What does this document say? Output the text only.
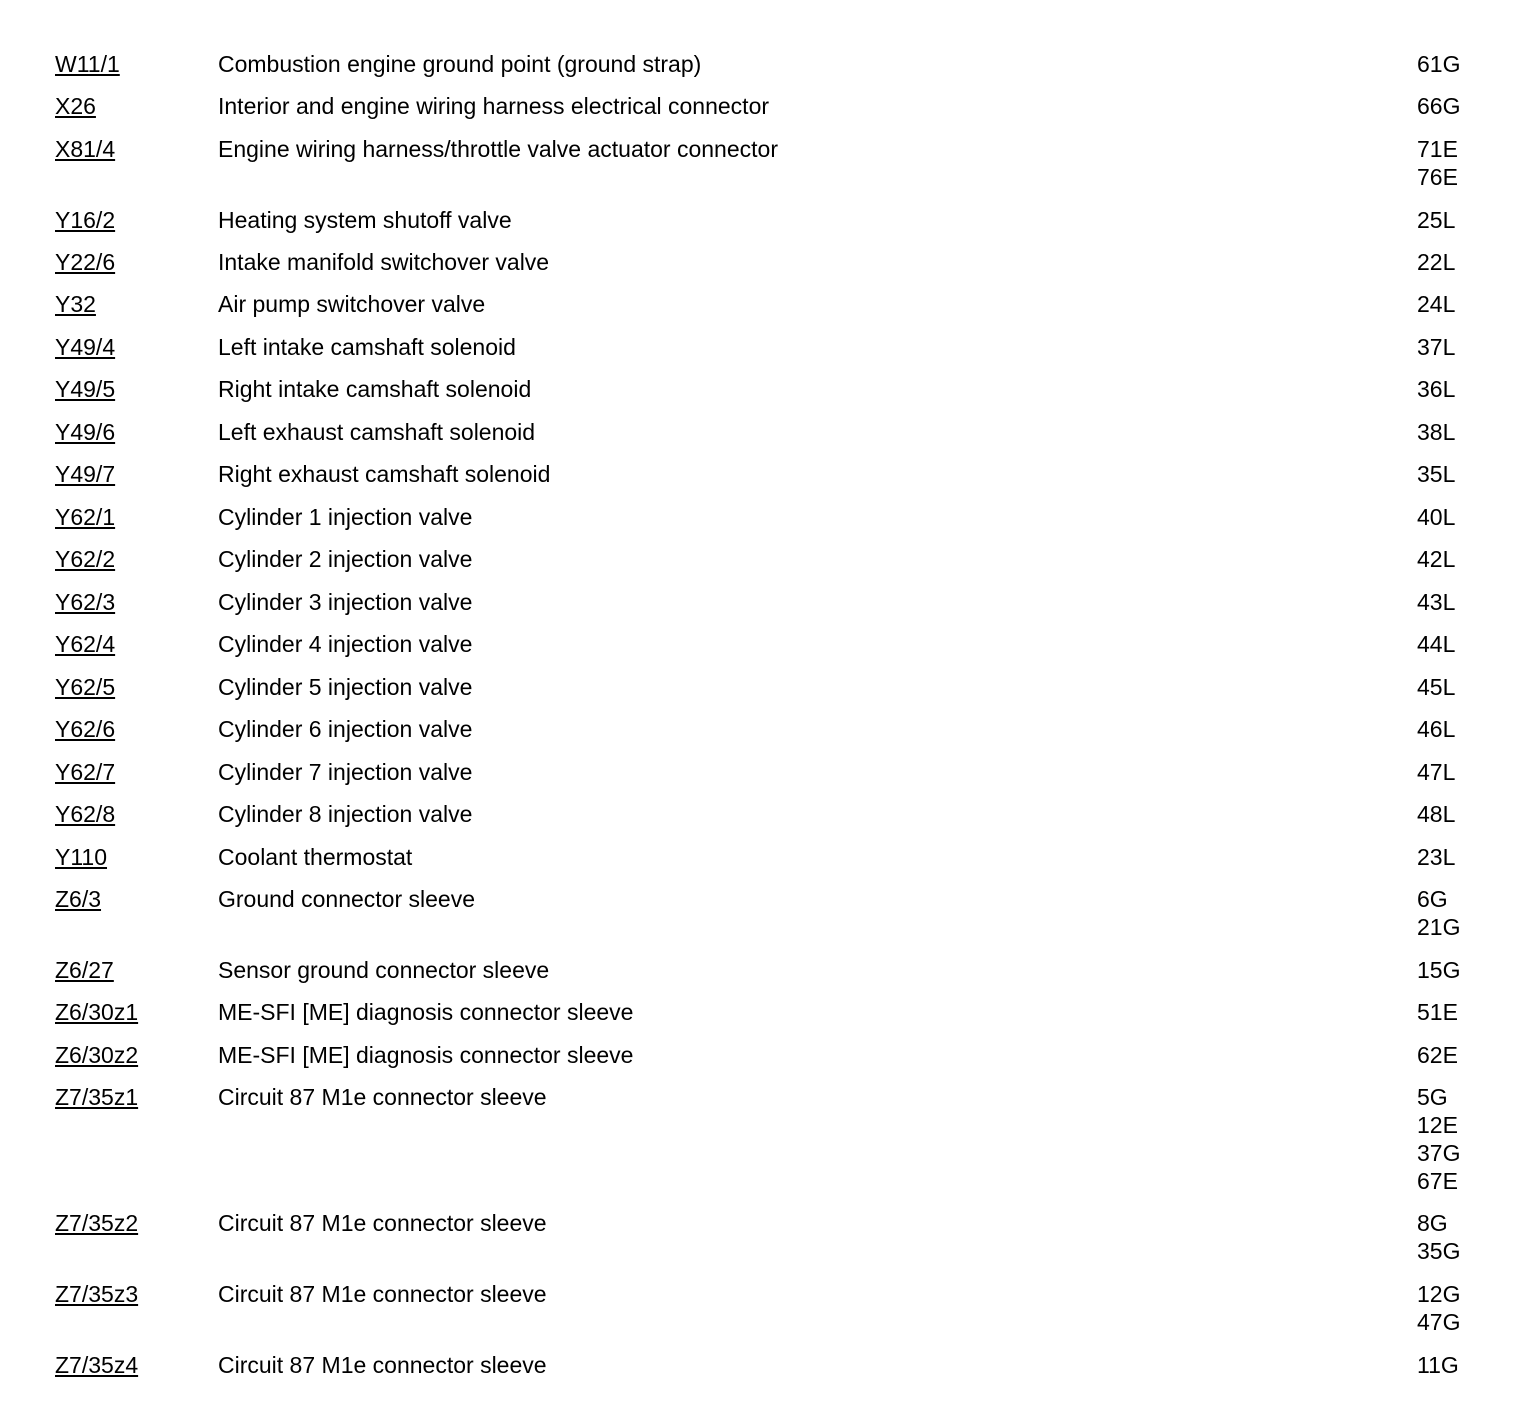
W11/1	Combustion engine ground point (ground strap)	61G
X26	Interior and engine wiring harness electrical connector	66G
X81/4	Engine wiring harness/throttle valve actuator connector	71E
76E
Y16/2	Heating system shutoff valve	25L
Y22/6	Intake manifold switchover valve	22L
Y32	Air pump switchover valve	24L
Y49/4	Left intake camshaft solenoid	37L
Y49/5	Right intake camshaft solenoid	36L
Y49/6	Left exhaust camshaft solenoid	38L
Y49/7	Right exhaust camshaft solenoid	35L
Y62/1	Cylinder 1 injection valve	40L
Y62/2	Cylinder 2 injection valve	42L
Y62/3	Cylinder 3 injection valve	43L
Y62/4	Cylinder 4 injection valve	44L
Y62/5	Cylinder 5 injection valve	45L
Y62/6	Cylinder 6 injection valve	46L
Y62/7	Cylinder 7 injection valve	47L
Y62/8	Cylinder 8 injection valve	48L
Y110	Coolant thermostat	23L
Z6/3	Ground connector sleeve	6G
21G
Z6/27	Sensor ground connector sleeve	15G
Z6/30z1	ME-SFI [ME] diagnosis connector sleeve	51E
Z6/30z2	ME-SFI [ME] diagnosis connector sleeve	62E
Z7/35z1	Circuit 87 M1e connector sleeve	5G
12E
37G
67E
Z7/35z2	Circuit 87 M1e connector sleeve	8G
35G
Z7/35z3	Circuit 87 M1e connector sleeve	12G
47G
Z7/35z4	Circuit 87 M1e connector sleeve	11G
